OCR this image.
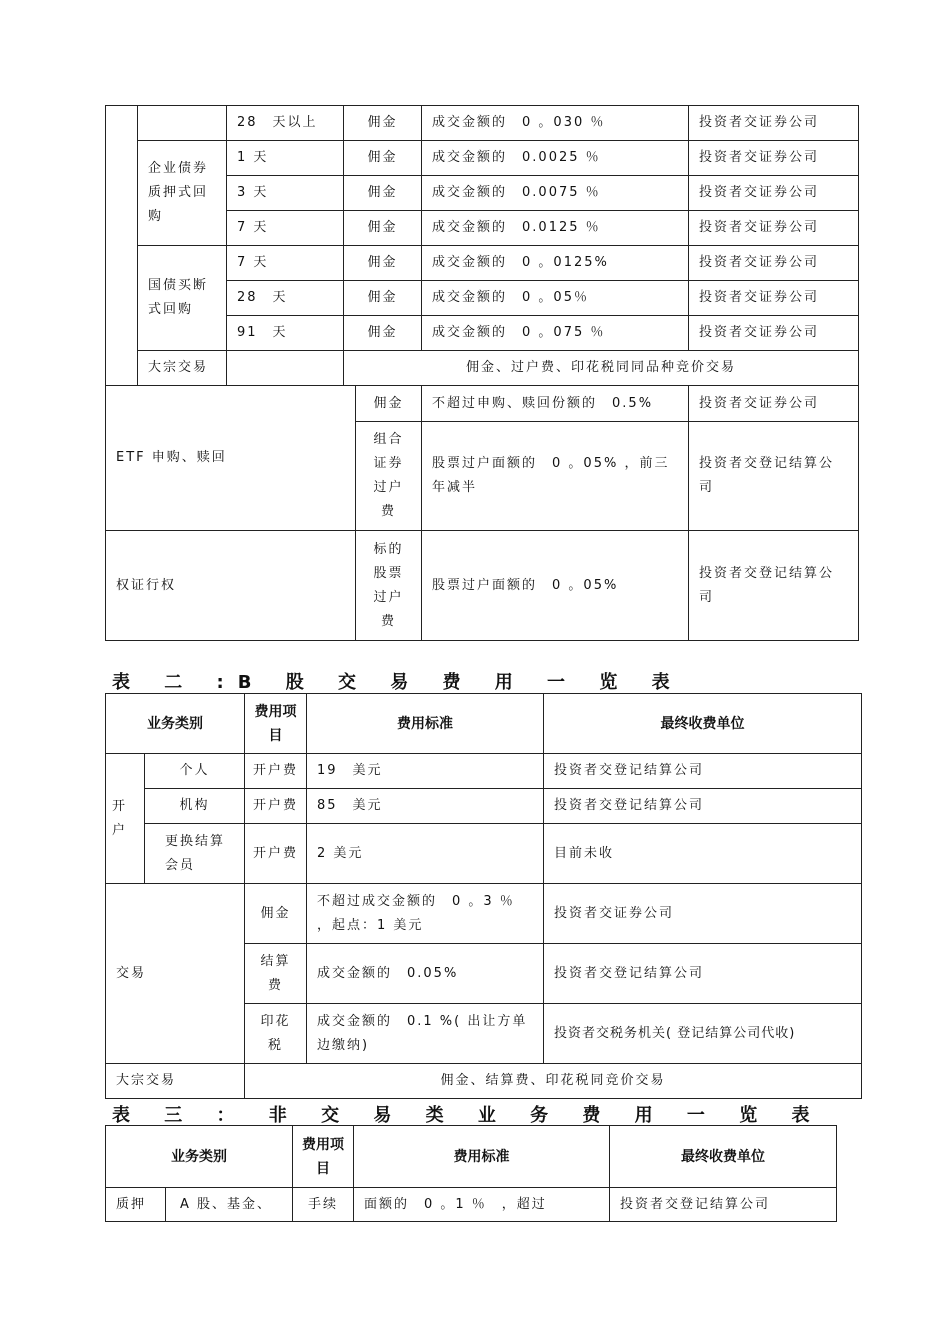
		28　天以上	佣金		成交金额的　0 。030 ％	投资者交证券公司
	企业债券质押式回购	1 天	佣金		成交金额的　0.0025 ％	投资者交证券公司
		3 天	佣金		成交金额的　0.0075 ％	投资者交证券公司
		7 天	佣金		成交金额的　0.0125 ％	投资者交证券公司
	国债买断式回购	7 天	佣金		成交金额的　0 。0125%	投资者交证券公司
		28　天	佣金		成交金额的　0 。05％	投资者交证券公司
		91　天	佣金		成交金额的　0 。075 ％	投资者交证券公司
	大宗交易		佣金、过户费、印花税同同品种竞价交易			
ETF 申购、赎回				佣金	不超过申购、赎回份额的　0.5%	投资者交证券公司
				组合证券过户费	股票过户面额的　0 。05% ，前三年减半	投资者交登记结算公司
权证行权				标的股票过户费	股票过户面额的　0 。05%	投资者交登记结算公司
表 二 :B 股 交 易 费 用 一 览 表
业务类别		费用项目	费用标准	最终收费单位
开户	个人	开户费	19　美元	投资者交登记结算公司
	机构	开户费	85　美元	投资者交登记结算公司
	更换结算会员	开户费	2 美元	目前未收
交易		佣金	不超过成交金额的　0 。3 ％ ，起点：1 美元	投资者交证券公司
		结算费	成交金额的　0.05%	投资者交登记结算公司
		印花税	成交金额的　0.1 %( 出让方单边缴纳)	投资者交税务机关( 登记结算公司代收)
大宗交易		佣金、结算费、印花税同竞价交易		
表 三 ： 非 交 易 类 业 务 费 用 一 览 表
业务类别		费用项目	费用标准	最终收费单位
质押	A 股、基金、	手续	面额的　0 。1 ％　，超过	投资者交登记结算公司
